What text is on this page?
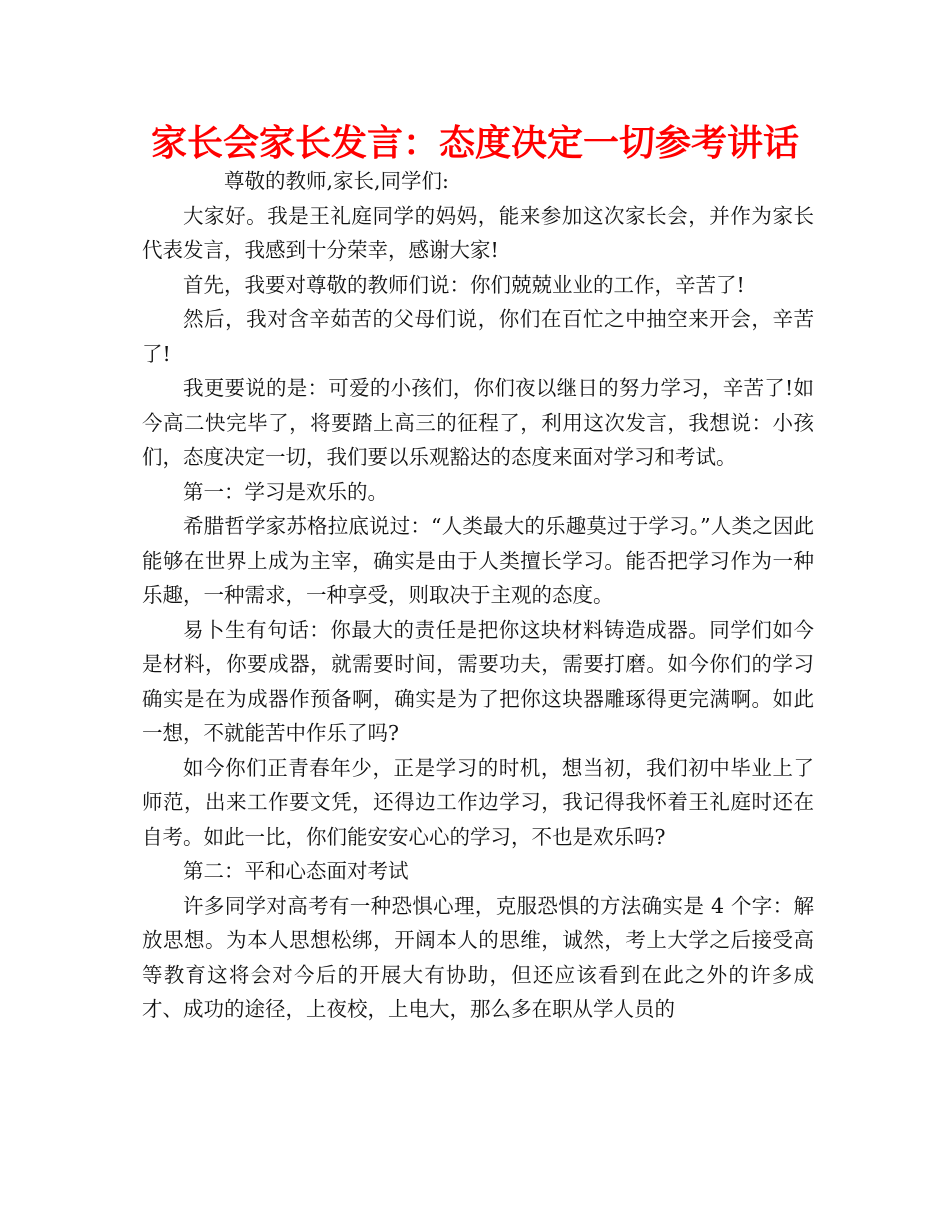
家长会家长发言：态度决定一切参考讲话

尊敬的教师,家长,同学们:

大家好。我是王礼庭同学的妈妈，能来参加这次家长会，并作为家长代表发言，我感到十分荣幸，感谢大家!

首先，我要对尊敬的教师们说：你们兢兢业业的工作，辛苦了!

然后，我对含辛茹苦的父母们说，你们在百忙之中抽空来开会，辛苦了!

我更要说的是：可爱的小孩们，你们夜以继日的努力学习，辛苦了!如今高二快完毕了，将要踏上高三的征程了，利用这次发言，我想说：小孩们，态度决定一切，我们要以乐观豁达的态度来面对学习和考试。

第一：学习是欢乐的。

希腊哲学家苏格拉底说过：“人类最大的乐趣莫过于学习。”人类之因此能够在世界上成为主宰，确实是由于人类擅长学习。能否把学习作为一种乐趣，一种需求，一种享受，则取决于主观的态度。

易卜生有句话：你最大的责任是把你这块材料铸造成器。同学们如今是材料，你要成器，就需要时间，需要功夫，需要打磨。如今你们的学习确实是在为成器作预备啊，确实是为了把你这块器雕琢得更完满啊。如此一想，不就能苦中作乐了吗?

如今你们正青春年少，正是学习的时机，想当初，我们初中毕业上了师范，出来工作要文凭，还得边工作边学习，我记得我怀着王礼庭时还在自考。如此一比，你们能安安心心的学习，不也是欢乐吗?

第二：平和心态面对考试

许多同学对高考有一种恐惧心理，克服恐惧的方法确实是 4 个字：解放思想。为本人思想松绑，开阔本人的思维，诚然，考上大学之后接受高等教育这将会对今后的开展大有协助，但还应该看到在此之外的许多成才、成功的途径，上夜校，上电大，那么多在职从学人员的
